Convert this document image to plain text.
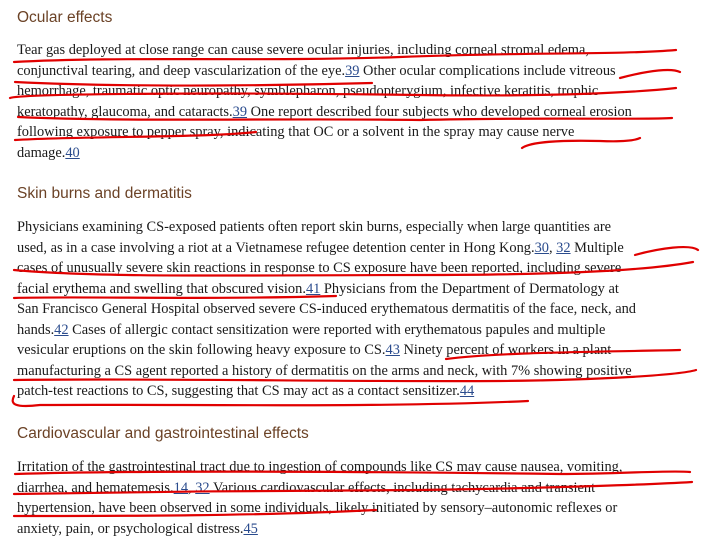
Ocular effects
Tear gas deployed at close range can cause severe ocular injuries, including corneal stromal edema,
conjunctival tearing, and deep vascularization of the eye.39 Other ocular complications include vitreous
hemorrhage, traumatic optic neuropathy, symblepharon, pseudopterygium, infective keratitis, trophic
keratopathy, glaucoma, and cataracts.39 One report described four subjects who developed corneal erosion
following exposure to pepper spray, indicating that OC or a solvent in the spray may cause nerve
damage.40
Skin burns and dermatitis
Physicians examining CS-exposed patients often report skin burns, especially when large quantities are
used, as in a case involving a riot at a Vietnamese refugee detention center in Hong Kong.30, 32 Multiple
cases of unusually severe skin reactions in response to CS exposure have been reported, including severe
facial erythema and swelling that obscured vision.41 Physicians from the Department of Dermatology at
San Francisco General Hospital observed severe CS-induced erythematous dermatitis of the face, neck, and
hands.42 Cases of allergic contact sensitization were reported with erythematous papules and multiple
vesicular eruptions on the skin following heavy exposure to CS.43 Ninety percent of workers in a plant
manufacturing a CS agent reported a history of dermatitis on the arms and neck, with 7% showing positive
patch-test reactions to CS, suggesting that CS may act as a contact sensitizer.44
Cardiovascular and gastrointestinal effects
Irritation of the gastrointestinal tract due to ingestion of compounds like CS may cause nausea, vomiting,
diarrhea, and hematemesis.14, 32 Various cardiovascular effects, including tachycardia and transient
hypertension, have been observed in some individuals, likely initiated by sensory–autonomic reflexes or
anxiety, pain, or psychological distress.45
